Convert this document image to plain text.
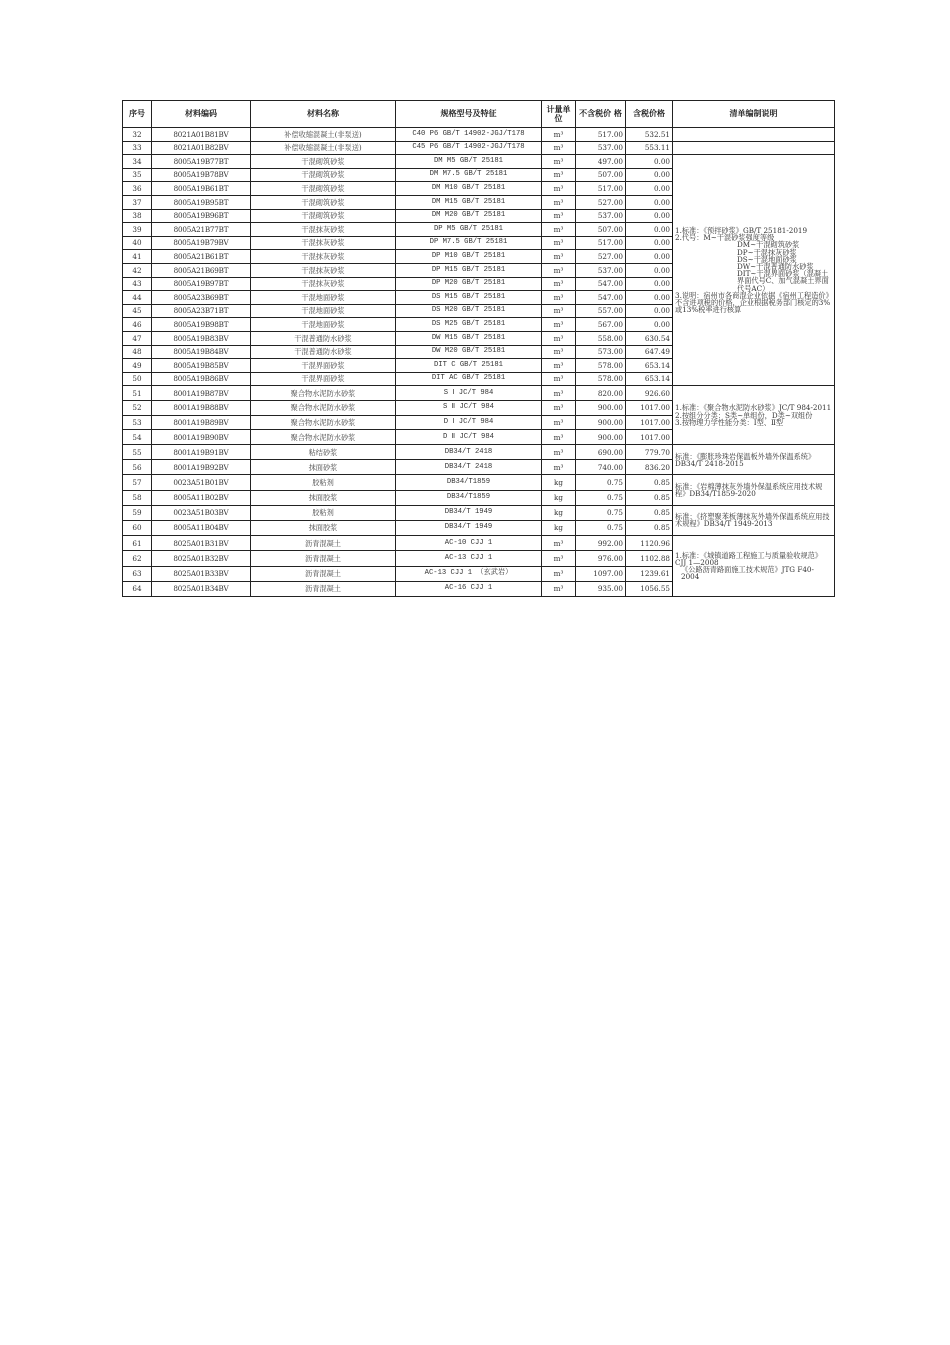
序号	材料编码	材料名称	规格型号及特征	计量单位	不含税价 格	含税价格	清单编制说明
32	8021A01B81BV	补偿收缩混凝土(非泵送)	C40 P6 GB/T 14902-JGJ/T178	m³	517.00	532.51	
33	8021A01B82BV	补偿收缩混凝土(非泵送)	C45 P6 GB/T 14902-JGJ/T178	m³	537.00	553.11	
34	8005A19B77BT	干混砌筑砂浆	DM M5 GB/T 25181	m³	497.00	0.00	
1.标准：《预拌砂浆》GB/T 25181-2019
2.代号：M~干混砂浆强度等级
DM~干混砌筑砂浆
DP~干混抹灰砂浆
DS~干混地面砂浆
DW~干混普通防水砂浆
DIT~干混界面砂浆（混凝土界面代号C、加气混凝土界面代号AC）
3.说明：宿州市各商混企业依据《宿州工程造价》不含进项税的价格，企业根据税务部门核定的3%或13%税率进行核算

35	8005A19B78BV	干混砌筑砂浆	DM M7.5 GB/T 25181	m³	507.00	0.00	
36	8005A19B61BT	干混砌筑砂浆	DM M10 GB/T 25181	m³	517.00	0.00	
37	8005A19B95BT	干混砌筑砂浆	DM M15 GB/T 25181	m³	527.00	0.00	
38	8005A19B96BT	干混砌筑砂浆	DM M20 GB/T 25181	m³	537.00	0.00	
39	8005A21B77BT	干混抹灰砂浆	DP M5 GB/T 25181	m³	507.00	0.00	
40	8005A19B79BV	干混抹灰砂浆	DP M7.5 GB/T 25181	m³	517.00	0.00	
41	8005A21B61BT	干混抹灰砂浆	DP M10 GB/T 25181	m³	527.00	0.00	
42	8005A21B69BT	干混抹灰砂浆	DP M15 GB/T 25181	m³	537.00	0.00	
43	8005A19B97BT	干混抹灰砂浆	DP M20 GB/T 25181	m³	547.00	0.00	
44	8005A23B69BT	干混地面砂浆	DS M15 GB/T 25181	m³	547.00	0.00	
45	8005A23B71BT	干混地面砂浆	DS M20 GB/T 25181	m³	557.00	0.00	
46	8005A19B98BT	干混地面砂浆	DS M25 GB/T 25181	m³	567.00	0.00	
47	8005A19B83BV	干混普通防水砂浆	DW M15 GB/T 25181	m³	558.00	630.54	
48	8005A19B84BV	干混普通防水砂浆	DW M20 GB/T 25181	m³	573.00	647.49	
49	8005A19B85BV	干混界面砂浆	DIT C GB/T 25181	m³	578.00	653.14	
50	8005A19B86BV	干混界面砂浆	DIT AC GB/T 25181	m³	578.00	653.14	
51	8001A19B87BV	聚合物水泥防水砂浆	S Ⅰ JC/T 984	m³	820.00	926.60	1.标准：《聚合物水泥防水砂浆》JC/T 984-2011
2.按组分分类：S类~单组份，D类~双组份
3.按物理力学性能分类：Ⅰ型、Ⅱ型

52	8001A19B88BV	聚合物水泥防水砂浆	S Ⅱ JC/T 984	m³	900.00	1017.00	
53	8001A19B89BV	聚合物水泥防水砂浆	D Ⅰ JC/T 984	m³	900.00	1017.00	
54	8001A19B90BV	聚合物水泥防水砂浆	D Ⅱ JC/T 984	m³	900.00	1017.00	
55	8001A19B91BV	粘结砂浆	DB34/T 2418	m³	690.00	779.70	标准：《膨胀珍珠岩保温板外墙外保温系统》DB34/T 2418-2015

56	8001A19B92BV	抹面砂浆	DB34/T 2418	m³	740.00	836.20	
57	0023A51B01BV	胶粘剂	DB34/T1859	kg	0.75	0.85	标准：《岩棉薄抹灰外墙外保温系统应用技术规程》DB34/T1859-2020

58	8005A11B02BV	抹面胶浆	DB34/T1859	kg	0.75	0.85	
59	0023A51B03BV	胶粘剂	DB34/T 1949	kg	0.75	0.85	标准：《挤塑聚苯板薄抹灰外墙外保温系统应用技术规程》DB34/T 1949-2013

60	8005A11B04BV	抹面胶浆	DB34/T 1949	kg	0.75	0.85	
61	8025A01B31BV	沥青混凝土	AC-10 CJJ 1	m³	992.00	1120.96	1.标准：《城镇道路工程施工与质量验收规范》CJJ 1—2008
《公路沥青路面施工技术规范》JTG F40-2004

62	8025A01B32BV	沥青混凝土	AC-13 CJJ 1	m³	976.00	1102.88	
63	8025A01B33BV	沥青混凝土	AC-13 CJJ 1 （玄武岩）	m³	1097.00	1239.61	
64	8025A01B34BV	沥青混凝土	AC-16 CJJ 1	m³	935.00	1056.55	
